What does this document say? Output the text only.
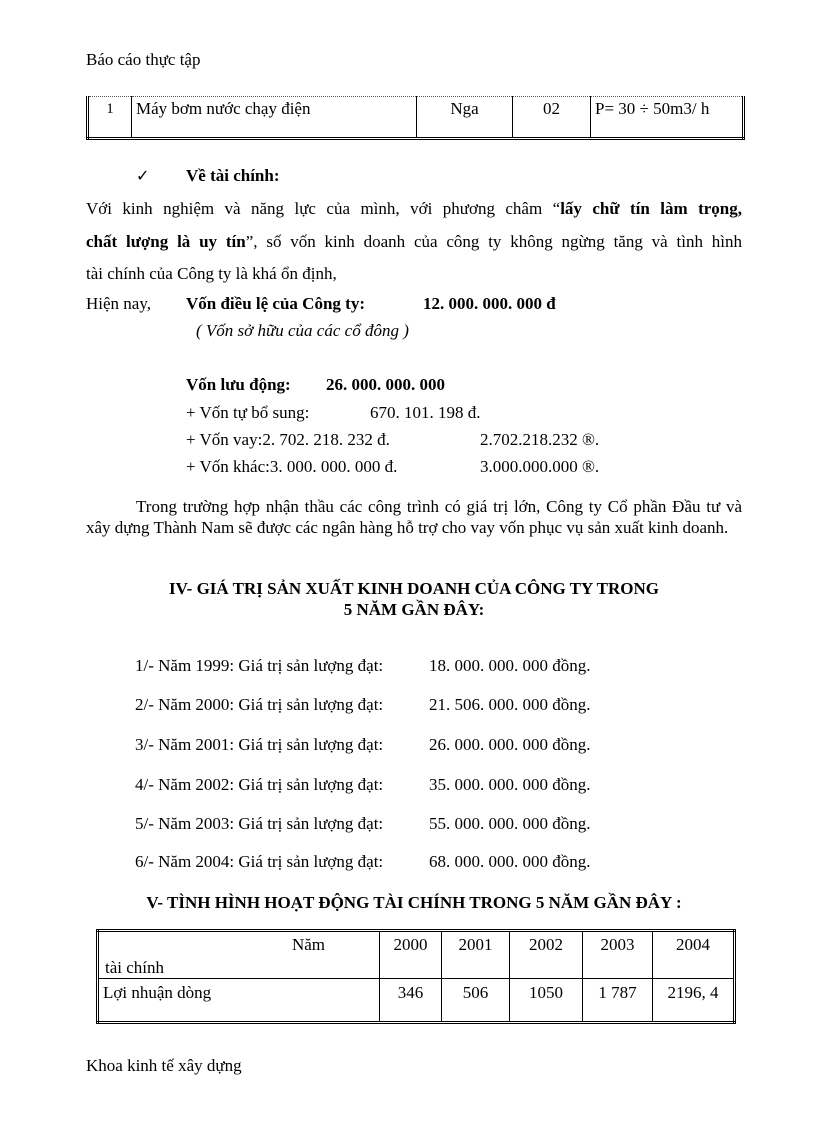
Báo cáo thực tập
1	Máy bơm nước chạy điện	Nga	02	P= 30 ÷ 50m3/ h
✓ Về tài chính:
Với kinh nghiệm và năng lực của mình, với phương châm “lấy chữ tín làm trọng,
chất lượng là uy tín”, số vốn kinh doanh của công ty không ngừng tăng và tình hình
tài chính của Công ty là khá ổn định,
Hiện nay, Vốn điều lệ của Công ty:	12. 000. 000. 000 đ
( Vốn sở hữu của các cổ đông )
Vốn lưu động: 26. 000. 000. 000
+ Vốn tự bổ sung:	670. 101. 198 đ.
+ Vốn vay:2. 702. 218. 232 đ.	2.702.218.232 ®.
+ Vốn khác:3. 000. 000. 000 đ.	3.000.000.000 ®.
Trong trường hợp nhận thầu các công trình có giá trị lớn, Công ty Cổ phần Đầu tư và xây dựng Thành Nam sẽ được các ngân hàng hỗ trợ cho vay vốn phục vụ sản xuất kinh doanh.
IV- GIÁ TRỊ SẢN XUẤT KINH DOANH CỦA CÔNG TY TRONG
5 NĂM GẦN ĐÂY:
1/- Năm 1999: Giá trị sản lượng đạt:	18. 000. 000. 000 đồng.
2/- Năm 2000: Giá trị sản lượng đạt:	21. 506. 000. 000 đồng.
3/- Năm 2001: Giá trị sản lượng đạt:	26. 000. 000. 000 đồng.
4/- Năm 2002: Giá trị sản lượng đạt:	35. 000. 000. 000 đồng.
5/- Năm 2003: Giá trị sản lượng đạt:	55. 000. 000. 000 đồng.
6/- Năm 2004: Giá trị sản lượng đạt:	68. 000. 000. 000 đồng.
V- TÌNH HÌNH HOẠT ĐỘNG TÀI CHÍNH TRONG 5 NĂM GẦN ĐÂY :
Năm
tài chính	2000	2001	2002	2003	2004
Lợi nhuận dòng	346	506	1050	1 787	2196, 4
Khoa kinh tế xây dựng
